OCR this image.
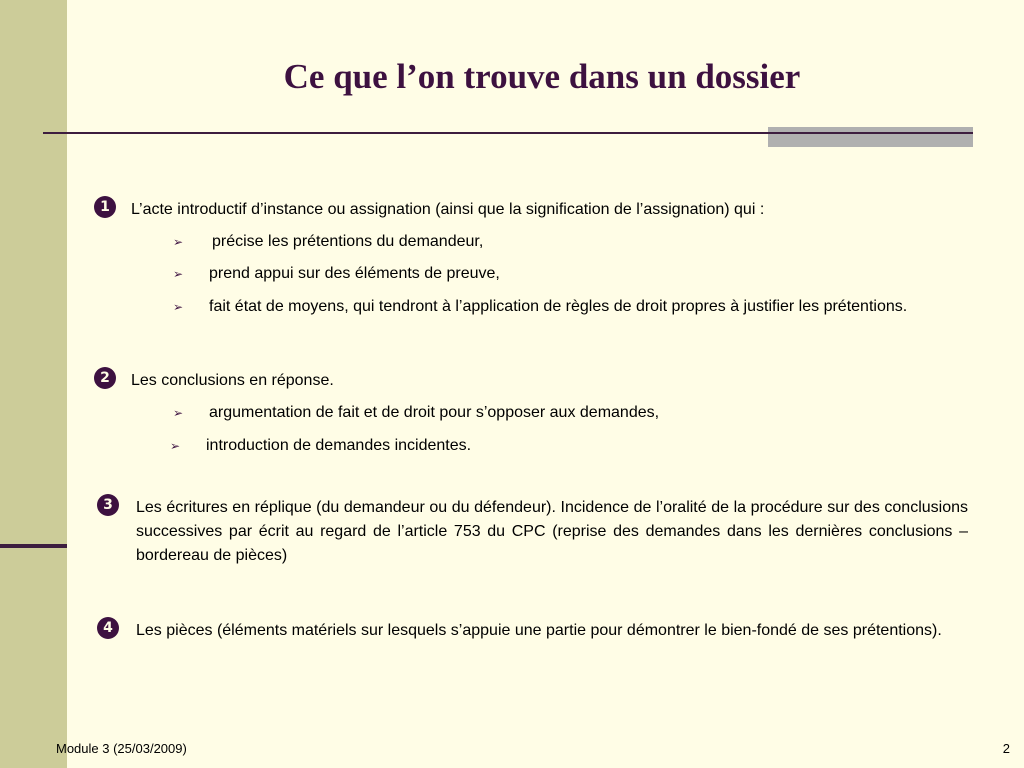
Ce que l’on trouve dans un dossier
1	L’acte introductif d’instance ou assignation (ainsi que la signification de l’assignation) qui :
➢ précise les prétentions du demandeur,
➢ prend appui sur des éléments de preuve,
➢ fait état de moyens, qui tendront à l’application de règles de droit propres à justifier les prétentions.
2	Les conclusions en réponse.
➢ argumentation de fait et de droit pour s’opposer aux demandes,
➢ introduction de demandes incidentes.
3	Les écritures en réplique (du demandeur ou du défendeur). Incidence de l’oralité de la procédure sur des conclusions successives par écrit au regard de l’article 753 du CPC (reprise des demandes dans les dernières conclusions – bordereau de pièces)
4	Les pièces (éléments matériels sur lesquels s’appuie une partie pour démontrer le bien-fondé de ses prétentions).
Module 3 (25/03/2009)	2
